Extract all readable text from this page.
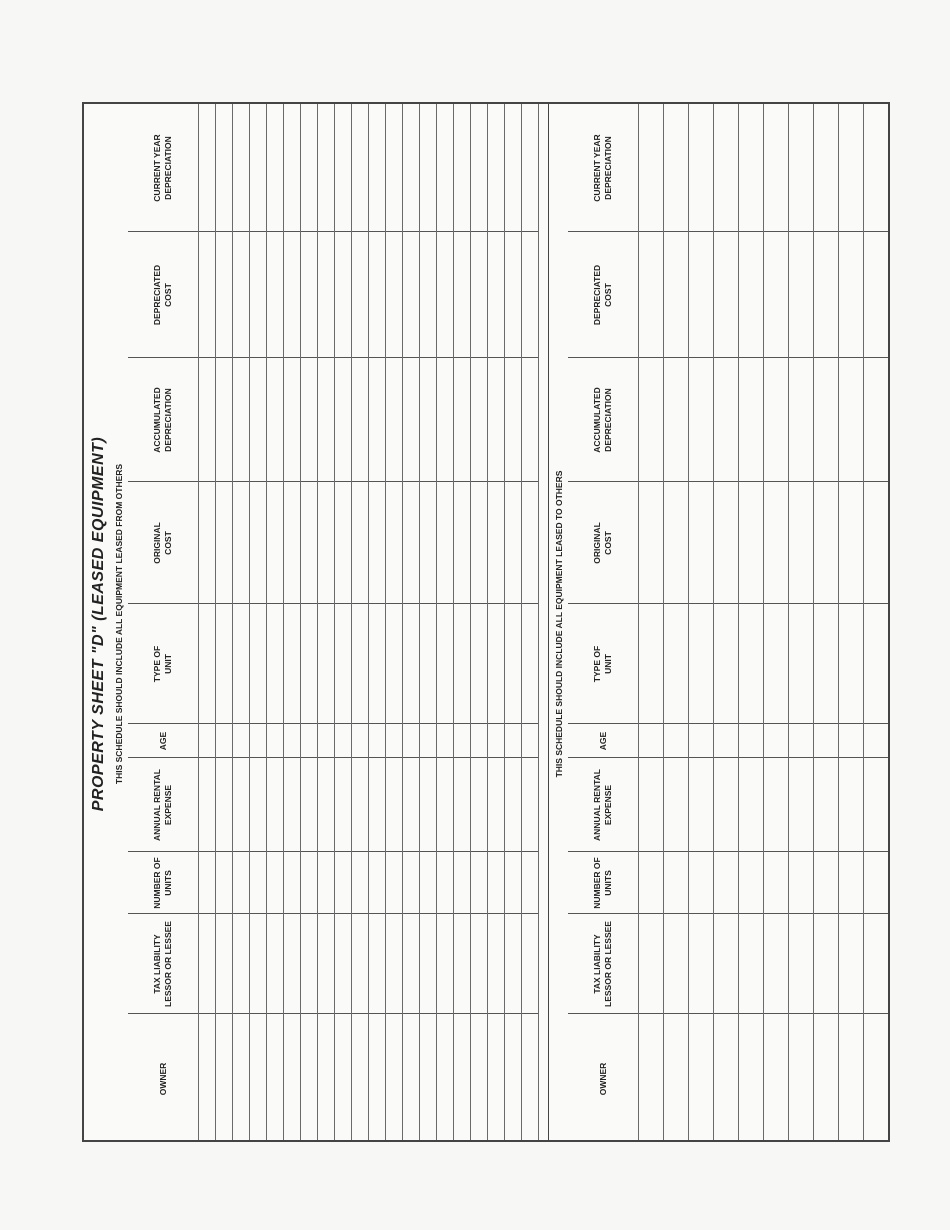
PROPERTY SHEET "D" (LEASED EQUIPMENT) THIS SCHEDULE SHOULD INCLUDE ALL EQUIPMENT LEASED FROM OTHERS
OWNER
TAX LIABILITY
LESSOR OR LESSEE
NUMBER OF
UNITS
ANNUAL RENTAL
EXPENSE
AGE
TYPE OF
UNIT
ORIGINAL
COST
ACCUMULATED
DEPRECIATION
DEPRECIATED
COST
CURRENT YEAR
DEPRECIATION
THIS SCHEDULE SHOULD INCLUDE ALL EQUIPMENT LEASED TO OTHERS
OWNER
TAX LIABILITY
LESSOR OR LESSEE
NUMBER OF
UNITS
ANNUAL RENTAL
EXPENSE
AGE
TYPE OF
UNIT
ORIGINAL
COST
ACCUMULATED
DEPRECIATION
DEPRECIATED
COST
CURRENT YEAR
DEPRECIATION
